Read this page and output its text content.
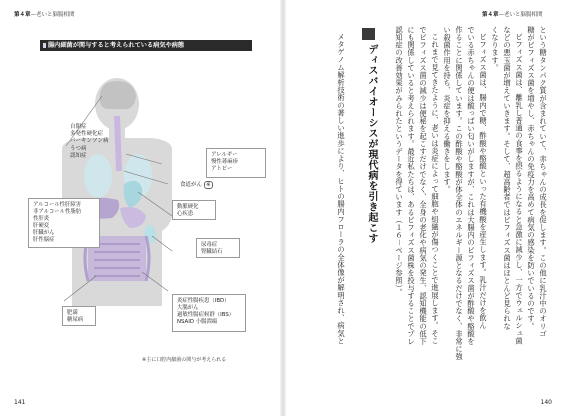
第４章—老いと脳腸相関
腸内細菌が関与すると考えられている病気や病態
自閉症
多発性硬化症
パーキンソン病
うつ病
認知症	アレルギー
慢性蕁麻疹
アトピー
食道がん ※
アルコール性肝障害
非アルコール性脂肪
性肝炎
肝硬変
肝臓がん
肝性脳症
動脈硬化
心疾患
尿毒症
腎臓結石
炎症性腸疾患（IBD）
大腸がん
過敏性腸症候群（IBS）
NSAID 小腸潰瘍
肥満
糖尿病
※主に口腔内細菌の関与が考えられる
141
第４章—老いと脳腸相関
という糖タンパク質が含まれていて、赤ちゃんの成長を促します。この他に乳汁中のオリゴ
糖がビフィズス菌を増やし、赤ちゃんの免疫力を高めて病気の感染を防いでいるのです。
ビフィズス菌は、離乳し普通の食事を摂るようになると急激に減少し、一方でウェルシュ菌
などの悪玉菌が増えていきます。そして、超高齢者ではビフィズス菌はほとんど見られな
くなります。
ビフィズス菌は、腸内で糖、酢酸や酪酸といった有機酸を産生します。乳汁だけを飲ん
でいる赤ちゃんの便は酸っぱい匂いがしますが、これは大腸内のビフィズス菌が酢酸や酪酸を
作ることに関係しています。この酢酸や酪酸が体全体のエネルギー源となるだけでなく、非常に強
い殺菌作用を持ち、炎症を抑える働きをします。
これまで見てきたように、老いは炎症によって細胞や組織が傷つくことで進展します。そこ
でビフィズス菌の減少は便秘を起こすだけでなく、全身の老化や病気の発生、認知機能の低下
にも関係していると考えられます。最近私たちは、あるビフィズス菌株を投与することでプレ
認知症の改善効果がみられたというデータを得ています（１６－ページ参照）。
ディスバイオーシスが現代病を引き起こす
メタゲノム解析技術の著しい進歩により、ヒトの腸内フローラの全体像が解明され、病気と
140
